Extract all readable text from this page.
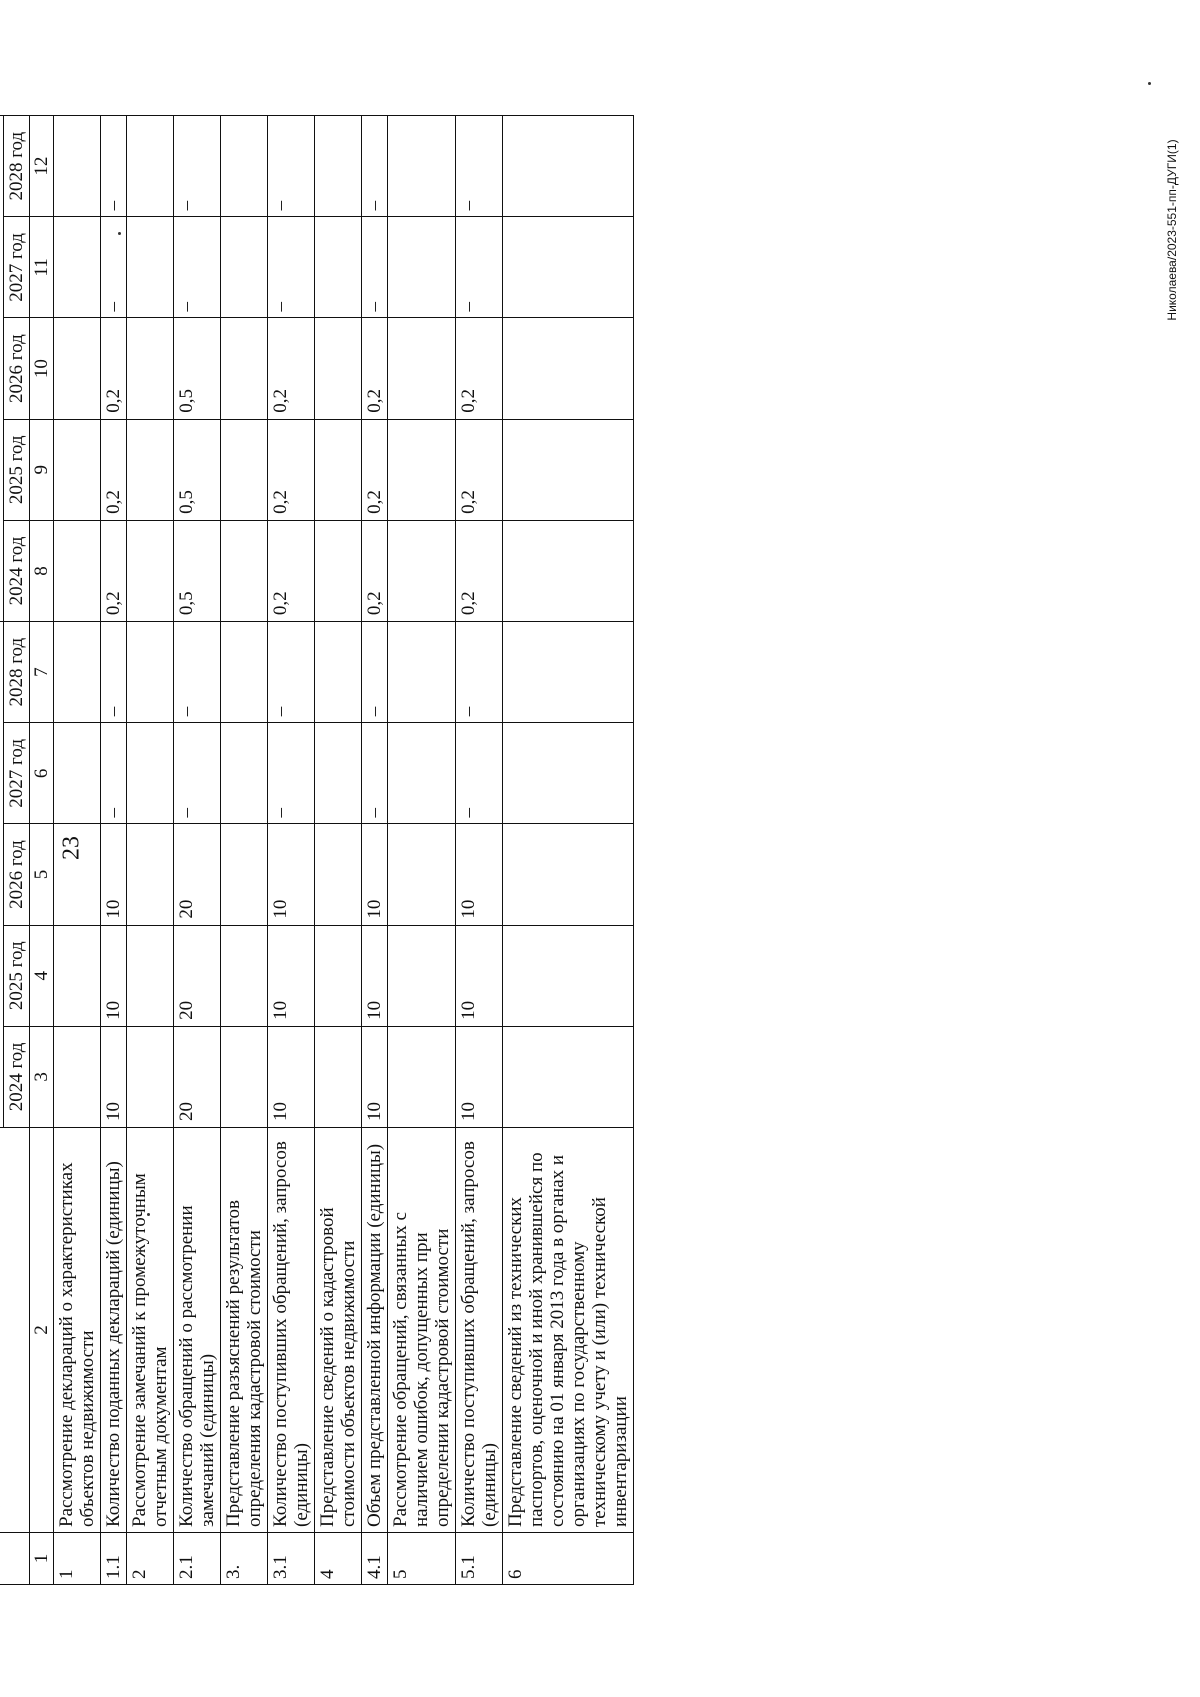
23
Николаева/2023-551-пп-ДУГИ(1)

		2024 год	2025 год	2026 год	2027 год	2028 год	2024 год	2025 год	2026 год	2027 год	2028 год
1	2	3	4	5	6	7	8	9	10	11	12
1	Рассмотрение деклараций о характеристиках объектов недвижимости										
1.1	Количество поданных деклараций (единицы)	10	10	10	–	–	0,2	0,2	0,2	–	–
2	Рассмотрение замечаний к промежуточным отчетным документам										
2.1	Количество обращений о рассмотрении замечаний (единицы)	20	20	20	–	–	0,5	0,5	0,5	–	–
3.	Представление разъяснений результатов определения кадастровой стоимости										
3.1	Количество поступивших обращений, запросов (единицы)	10	10	10	–	–	0,2	0,2	0,2	–	–
4	Представление сведений о кадастровой стоимости объектов недвижимости										
4.1	Объем представленной информации (единицы)	10	10	10	–	–	0,2	0,2	0,2	–	–
5	Рассмотрение обращений, связанных с наличием ошибок, допущенных при определении кадастровой стоимости										
5.1	Количество поступивших обращений, запросов (единицы)	10	10	10	–	–	0,2	0,2	0,2	–	–
6	Представление сведений из технических паспортов, оценочной и иной хранившейся по состоянию на 01 января 2013 года в органах и организациях по государственному техническому учету и (или) технической инвентаризации										
